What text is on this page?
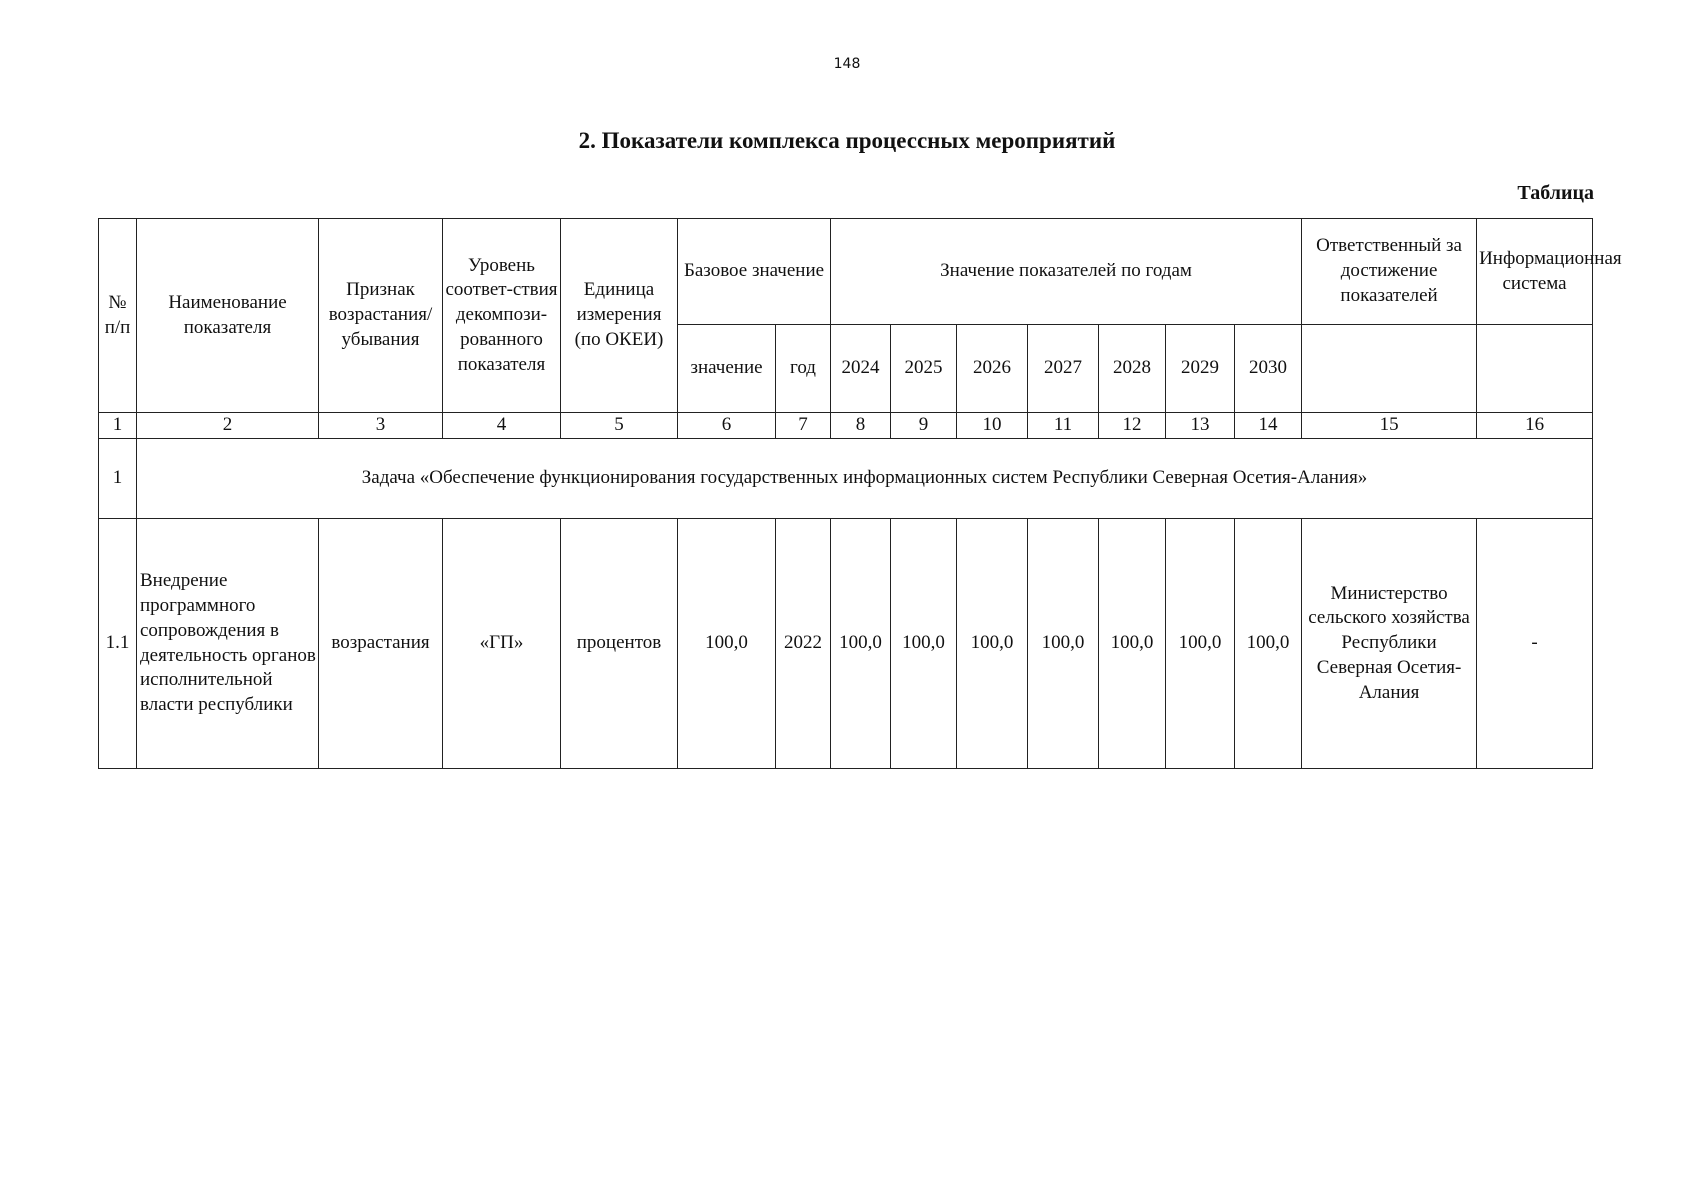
148
2. Показатели комплекса процессных мероприятий
Таблица
№ п/п	Наименование показателя	Признак возрастания/ убывания	Уровень соответ-ствия декомпози-рованного показателя	Единица измерения (по ОКЕИ)	Базовое значение		Значение показателей по годам							Ответственный за достижение показателей	Информационная система
					значение	год	2024	2025	2026	2027	2028	2029	2030		
1	2	3	4	5	6	7	8	9	10	11	12	13	14	15	16
1	Задача «Обеспечение функционирования государственных информационных систем Республики Северная Осетия-Алания»														
1.1	Внедрение программного сопровождения в деятельность органов исполнительной власти республики	возрастания	«ГП»	процентов	100,0	2022	100,0	100,0	100,0	100,0	100,0	100,0	100,0	Министерство сельского хозяйства Республики Северная Осетия-Алания	-
